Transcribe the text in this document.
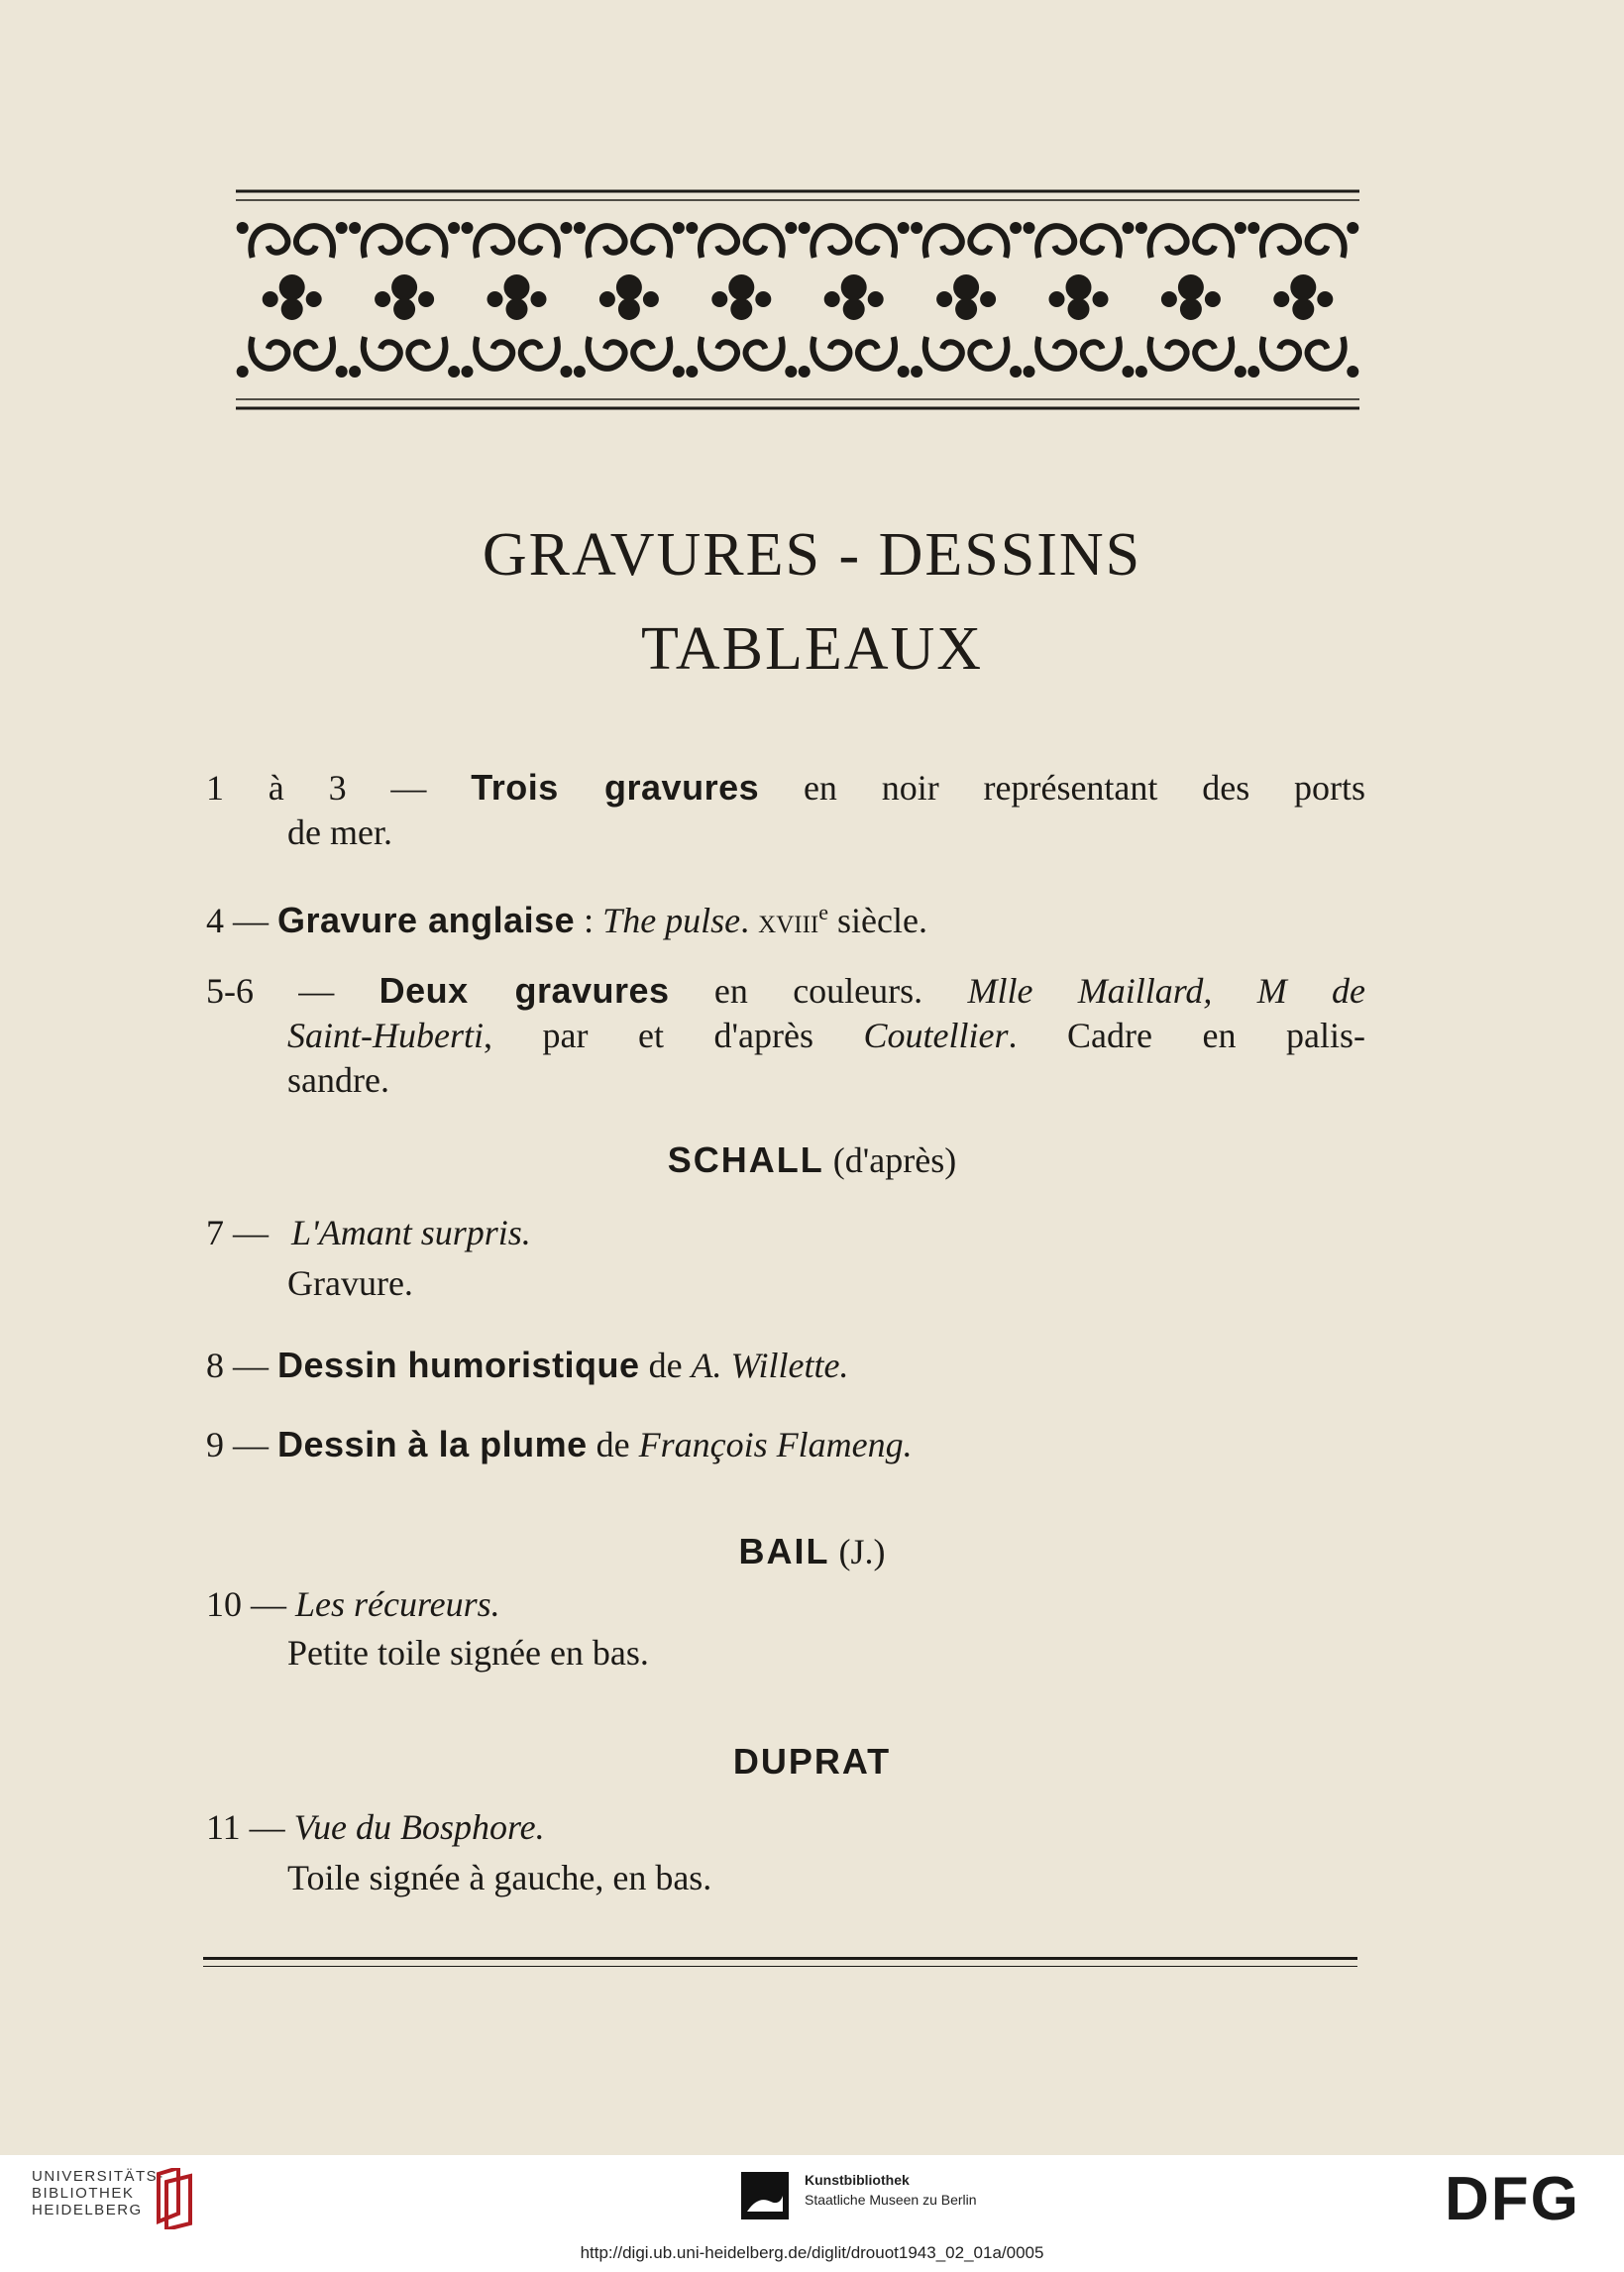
GRAVURES - DESSINS
TABLEAUX
1 à 3 — Trois gravures en noir représentant des ports
de mer.
4 — Gravure anglaise : The pulse. xviii$^e$ siècle.
5-6 — Deux gravures en couleurs. Mlle Maillard, M de
Saint-Huberti, par et d'après Coutellier. Cadre en palis-
sandre.
SCHALL (d'après)
7 — L'Amant surpris.
Gravure.
8 — Dessin humoristique de A. Willette.
9 — Dessin à la plume de François Flameng.
BAIL (J.)
10 — Les récureurs.
Petite toile signée en bas.
DUPRAT
11 — Vue du Bosphore.
Toile signée à gauche, en bas.
UNIVERSITÄTS-
BIBLIOTHEK
HEIDELBERG
Kunstbibliothek
Staatliche Museen zu Berlin	DFG
http://digi.ub.uni-heidelberg.de/diglit/drouot1943_02_01a/0005
